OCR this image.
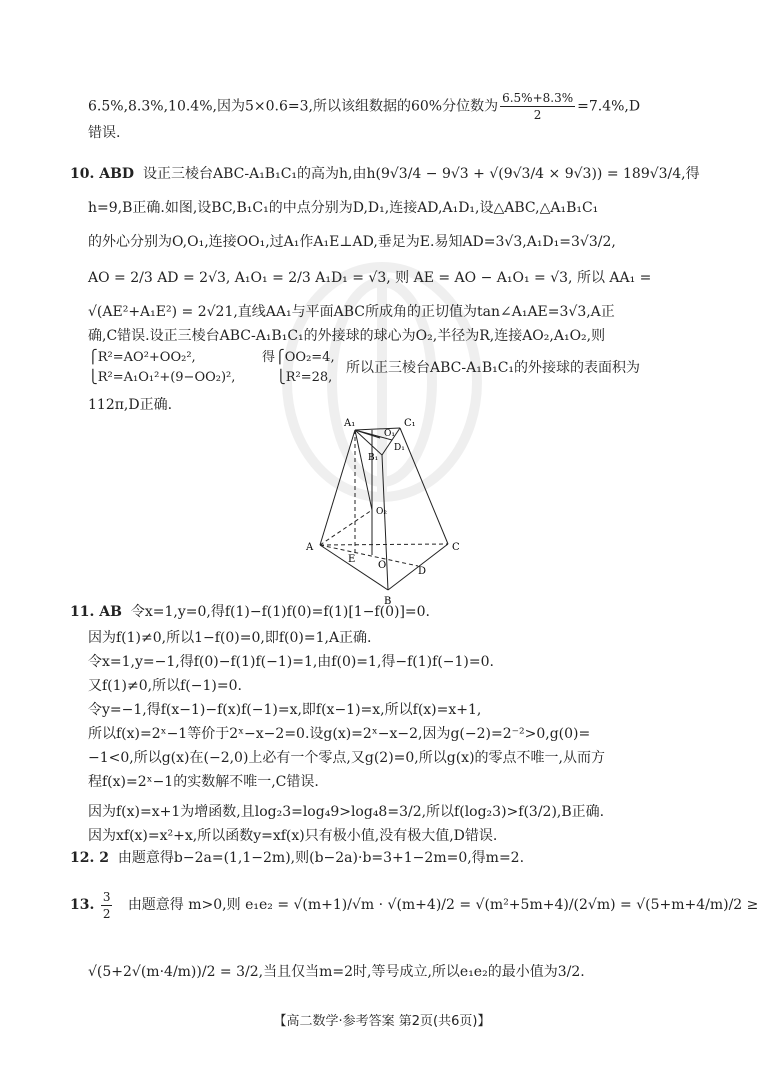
6.5%,8.3%,10.4%,因为5×0.6=3,所以该组数据的60%分位数为 $\frac{6.5\%+8.3\%}{2} =7.4\%,D$
错误.
10. ABD 设正三棱台ABC-A₁B₁C₁的高为h,由h(9√3/4 − 9√3 + √(9√3/4 × 9√3)) = 189√3/4,得
h=9,B正确.如图,设BC,B₁C₁的中点分别为D,D₁,连接AD,A₁D₁,设△ABC,△A₁B₁C₁
的外心分别为O,O₁,连接OO₁,过A₁作A₁E⊥AD,垂足为E.易知AD=3√3,A₁D₁=3√3/2,
AO = 2/3 AD = 2√3, A₁O₁ = 2/3 A₁D₁ = √3, 则 AE = AO − A₁O₁ = √3, 所以 AA₁ =
√(AE²+A₁E²) = 2√21,直线AA₁与平面ABC所成角的正切值为tan∠A₁AE=3√3,A正
确,C错误.设正三棱台ABC-A₁B₁C₁的外接球的球心为O₂,半径为R,连接AO₂,A₁O₂,则
⎧R²=AO²+OO₂²,
⎩R²=A₁O₁²+(9−OO₂)²,
得⎧OO₂=4,
⎩R²=28,
所以正三棱台ABC-A₁B₁C₁的外接球的表面积为
112π,D正确.
A₁	C₁
O₁
D₁
B₁
O₂
A
E
O
C
D
B
11. AB 令x=1,y=0,得f(1)−f(1)f(0)=f(1)[1−f(0)]=0.
因为f(1)≠0,所以1−f(0)=0,即f(0)=1,A正确.
令x=1,y=−1,得f(0)−f(1)f(−1)=1,由f(0)=1,得−f(1)f(−1)=0.
又f(1)≠0,所以f(−1)=0.
令y=−1,得f(x−1)−f(x)f(−1)=x,即f(x−1)=x,所以f(x)=x+1,
所以f(x)=2ˣ−1等价于2ˣ−x−2=0.设g(x)=2ˣ−x−2,因为g(−2)=2⁻²>0,g(0)=
−1<0,所以g(x)在(−2,0)上必有一个零点,又g(2)=0,所以g(x)的零点不唯一,从而方
程f(x)=2ˣ−1的实数解不唯一,C错误.
因为f(x)=x+1为增函数,且log₂3=log₄9>log₄8=3/2,所以f(log₂3)>f(3/2),B正确.
因为xf(x)=x²+x,所以函数y=xf(x)只有极小值,没有极大值,D错误.
12. 2 由题意得b−2a=(1,1−2m),则(b−2a)·b=3+1−2m=0,得m=2.
13. $\frac{3}{2}$ 由题意得 m>0,则 e₁e₂ = √(m+1)/√m · √(m+4)/2 = √(m²+5m+4)/(2√m) = √(5+m+4/m)/2 ≥
√(5+2√(m·4/m))/2 = 3/2,当且仅当m=2时,等号成立,所以e₁e₂的最小值为3/2.
【高二数学·参考答案 第2页(共6页)】
